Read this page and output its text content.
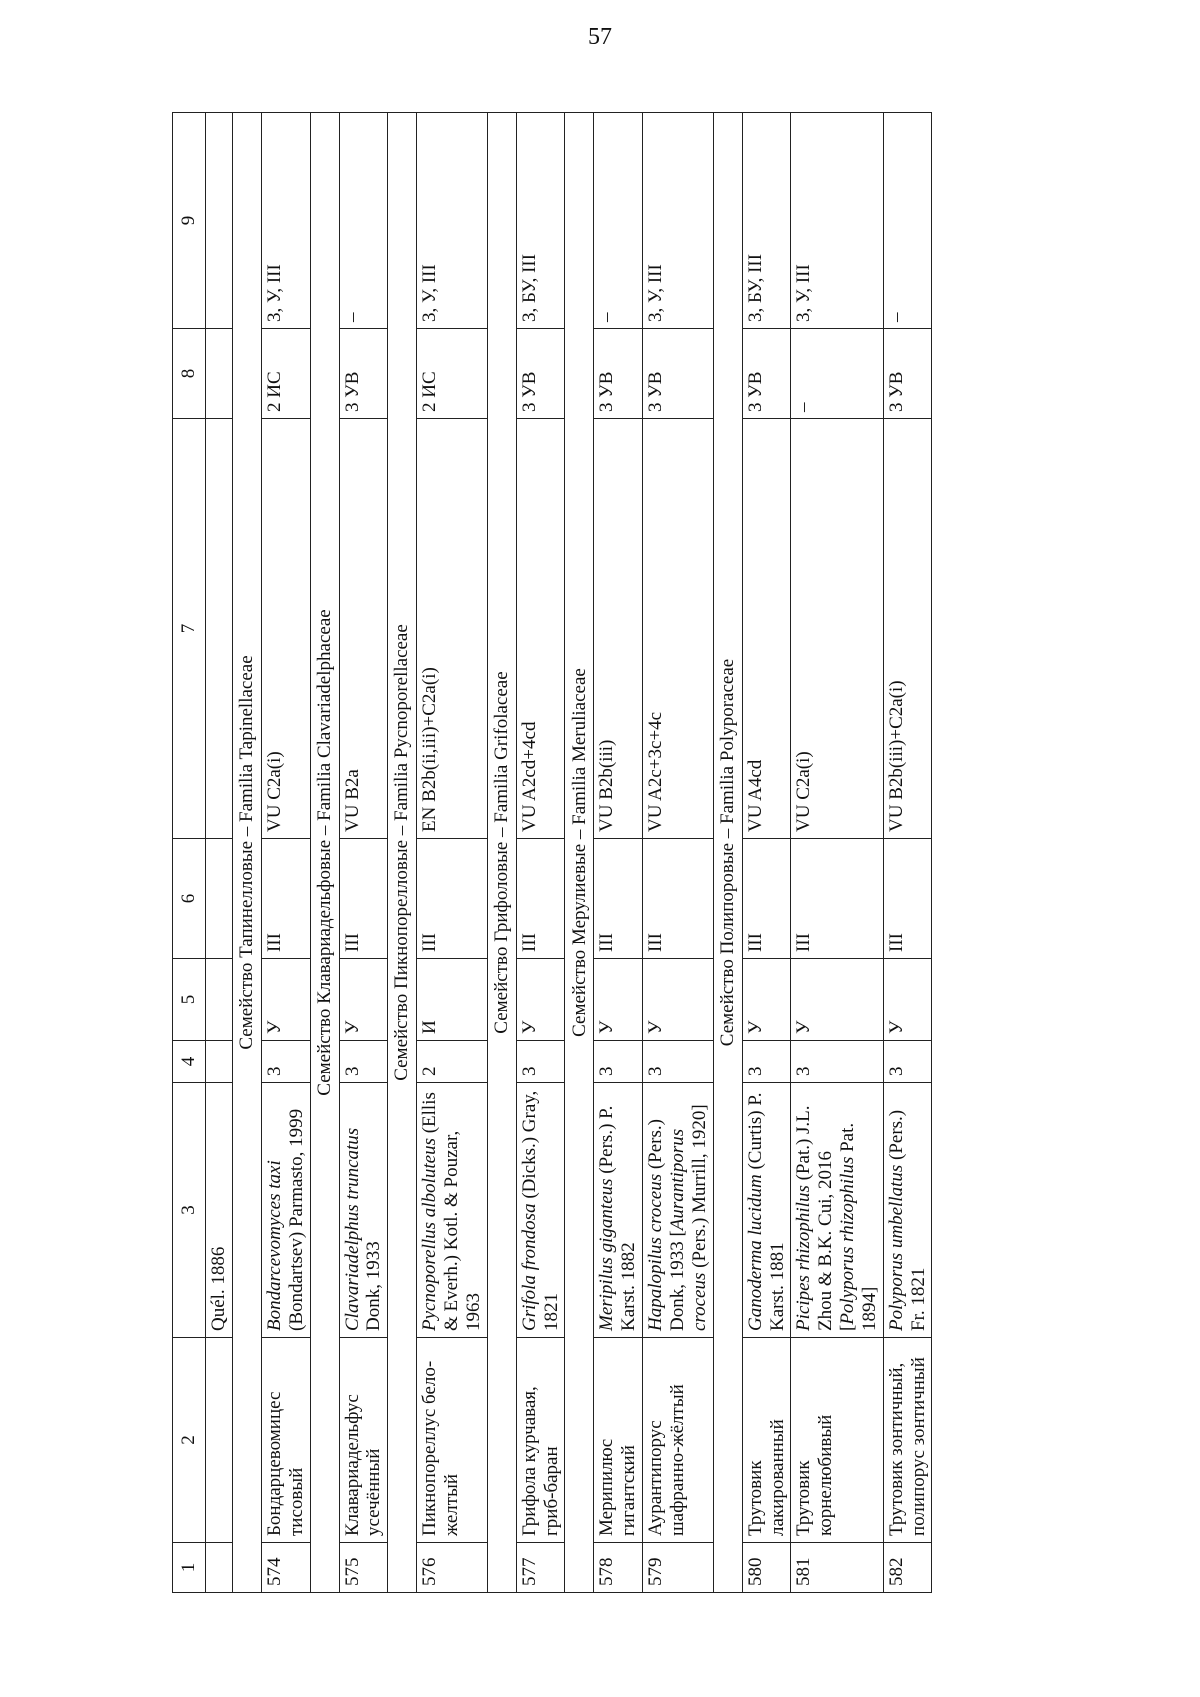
57
1	2	3	4	5	6	7	8	9
		Quél. 1886						
Семейство Тапинелловые – Familia Tapinellaceae								
574	Бондарцевомицес тисовый	Bondarcevomyces taxi (Bondartsev) Parmasto, 1999	3	У	III	VU C2a(i)	2 ИС	3, У, III
Семейство Клавариадельфовые – Familia Clavariadelphaceae								
575	Клавариадельфус усечённый	Clavariadelphus truncatus Donk, 1933	3	У	III	VU B2a	3 УВ	–
Семейство Пикнопорелловые – Familia Pycnoporellaceae								
576	Пикнопореллус бело-желтый	Pycnoporellus alboluteus (Ellis & Everh.) Kotl. & Pouzar, 1963	2	И	III	EN B2b(ii,iii)+C2a(i)	2 ИС	3, У, III
Семейство Грифоловые – Familia Grifolaceae								
577	Грифола курчавая, гриб-баран	Grifola frondosa (Dicks.) Gray, 1821	3	У	III	VU A2cd+4cd	3 УВ	3, БУ, III
Семейство Мерулиевые – Familia Meruliaceae								
578	Мерипилюс гигантский	Meripilus giganteus (Pers.) P. Karst. 1882	3	У	III	VU B2b(iii)	3 УВ	–
579	Аурантипорус шафранно-жёлтый	Hapalopilus croceus (Pers.) Donk, 1933 [Aurantiporus croceus (Pers.) Murrill, 1920]	3	У	III	VU A2c+3c+4c	3 УВ	3, У, III
Семейство Полипоровые – Familia Polyporaceae								
580	Трутовик лакированный	Ganoderma lucidum (Curtis) P. Karst. 1881	3	У	III	VU A4cd	3 УВ	3, БУ, III
581	Трутовик корнелюбивый	Picipes rhizophilus (Pat.) J.L. Zhou & B.K. Cui, 2016 [Polyporus rhizophilus Pat. 1894]	3	У	III	VU C2a(i)	–	3, У, III
582	Трутовик зонтичный, полипорус зонтичный	Polyporus umbellatus (Pers.) Fr. 1821	3	У	III	VU B2b(iii)+C2a(i)	3 УВ	–
